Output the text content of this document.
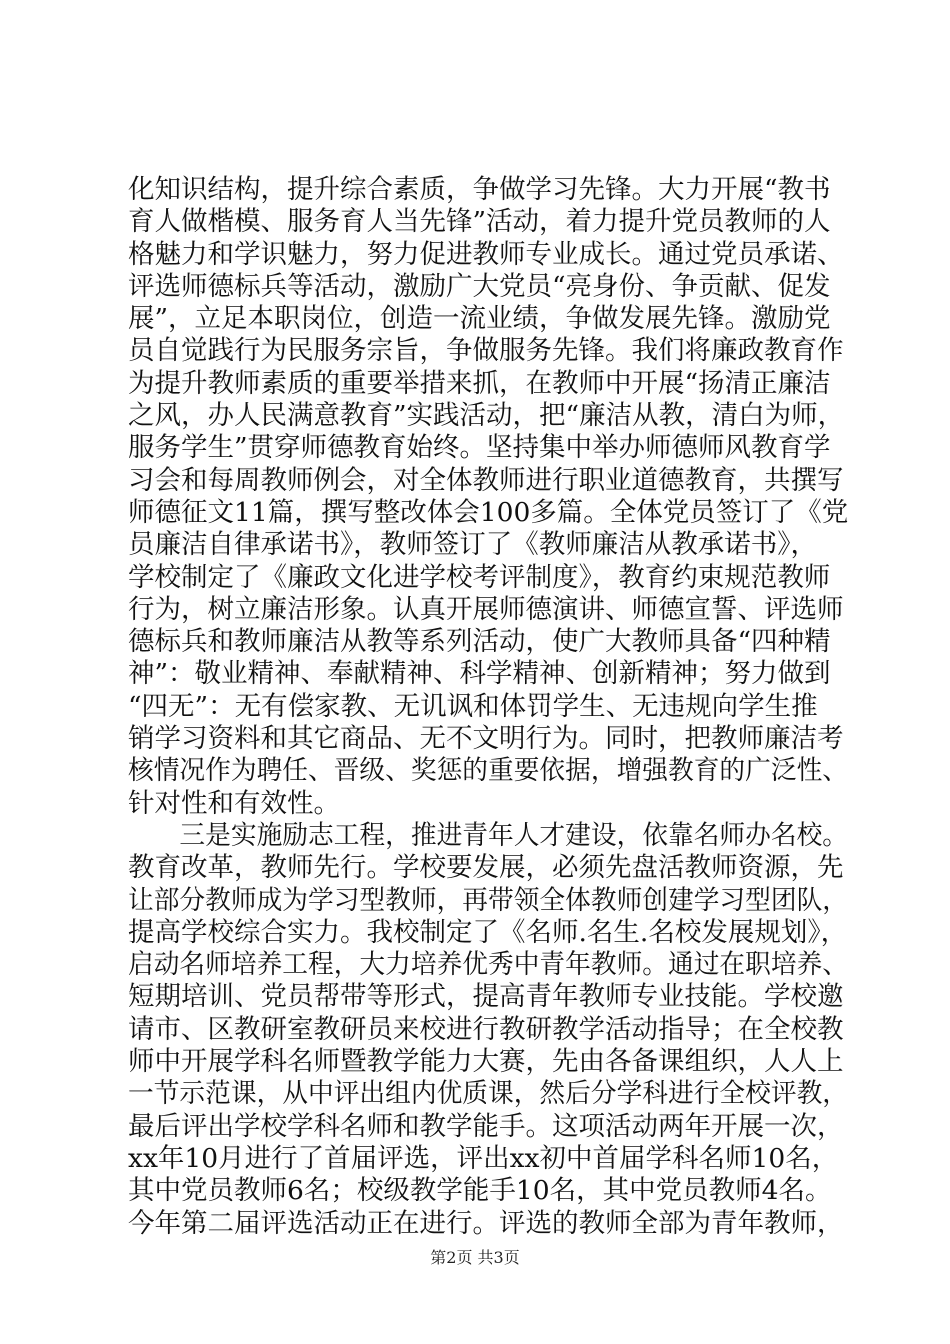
化知识结构，提升综合素质，争做学习先锋。大力开展“教书
育人做楷模、服务育人当先锋”活动，着力提升党员教师的人
格魅力和学识魅力，努力促进教师专业成长。通过党员承诺、
评选师德标兵等活动，激励广大党员“亮身份、争贡献、促发
展”，立足本职岗位，创造一流业绩，争做发展先锋。激励党
员自觉践行为民服务宗旨，争做服务先锋。我们将廉政教育作
为提升教师素质的重要举措来抓，在教师中开展“扬清正廉洁
之风，办人民满意教育”实践活动，把“廉洁从教，清白为师，
服务学生”贯穿师德教育始终。坚持集中举办师德师风教育学
习会和每周教师例会，对全体教师进行职业道德教育，共撰写
师德征文11篇，撰写整改体会100多篇。全体党员签订了《党
员廉洁自律承诺书》，教师签订了《教师廉洁从教承诺书》，
学校制定了《廉政文化进学校考评制度》，教育约束规范教师
行为，树立廉洁形象。认真开展师德演讲、师德宣誓、评选师
德标兵和教师廉洁从教等系列活动，使广大教师具备“四种精
神”：敬业精神、奉献精神、科学精神、创新精神；努力做到
“四无”：无有偿家教、无讥讽和体罚学生、无违规向学生推
销学习资料和其它商品、无不文明行为。同时，把教师廉洁考
核情况作为聘任、晋级、奖惩的重要依据，增强教育的广泛性、
针对性和有效性。
　　三是实施励志工程，推进青年人才建设，依靠名师办名校。
教育改革，教师先行。学校要发展，必须先盘活教师资源，先
让部分教师成为学习型教师，再带领全体教师创建学习型团队，
提高学校综合实力。我校制定了《名师.名生.名校发展规划》，
启动名师培养工程，大力培养优秀中青年教师。通过在职培养、
短期培训、党员帮带等形式，提高青年教师专业技能。学校邀
请市、区教研室教研员来校进行教研教学活动指导；在全校教
师中开展学科名师暨教学能力大赛，先由各备课组织，人人上
一节示范课，从中评出组内优质课，然后分学科进行全校评教，
最后评出学校学科名师和教学能手。这项活动两年开展一次，
xx年10月进行了首届评选，评出xx初中首届学科名师10名，
其中党员教师6名；校级教学能手10名，其中党员教师4名。
今年第二届评选活动正在进行。评选的教师全部为青年教师，
第2页 共3页
